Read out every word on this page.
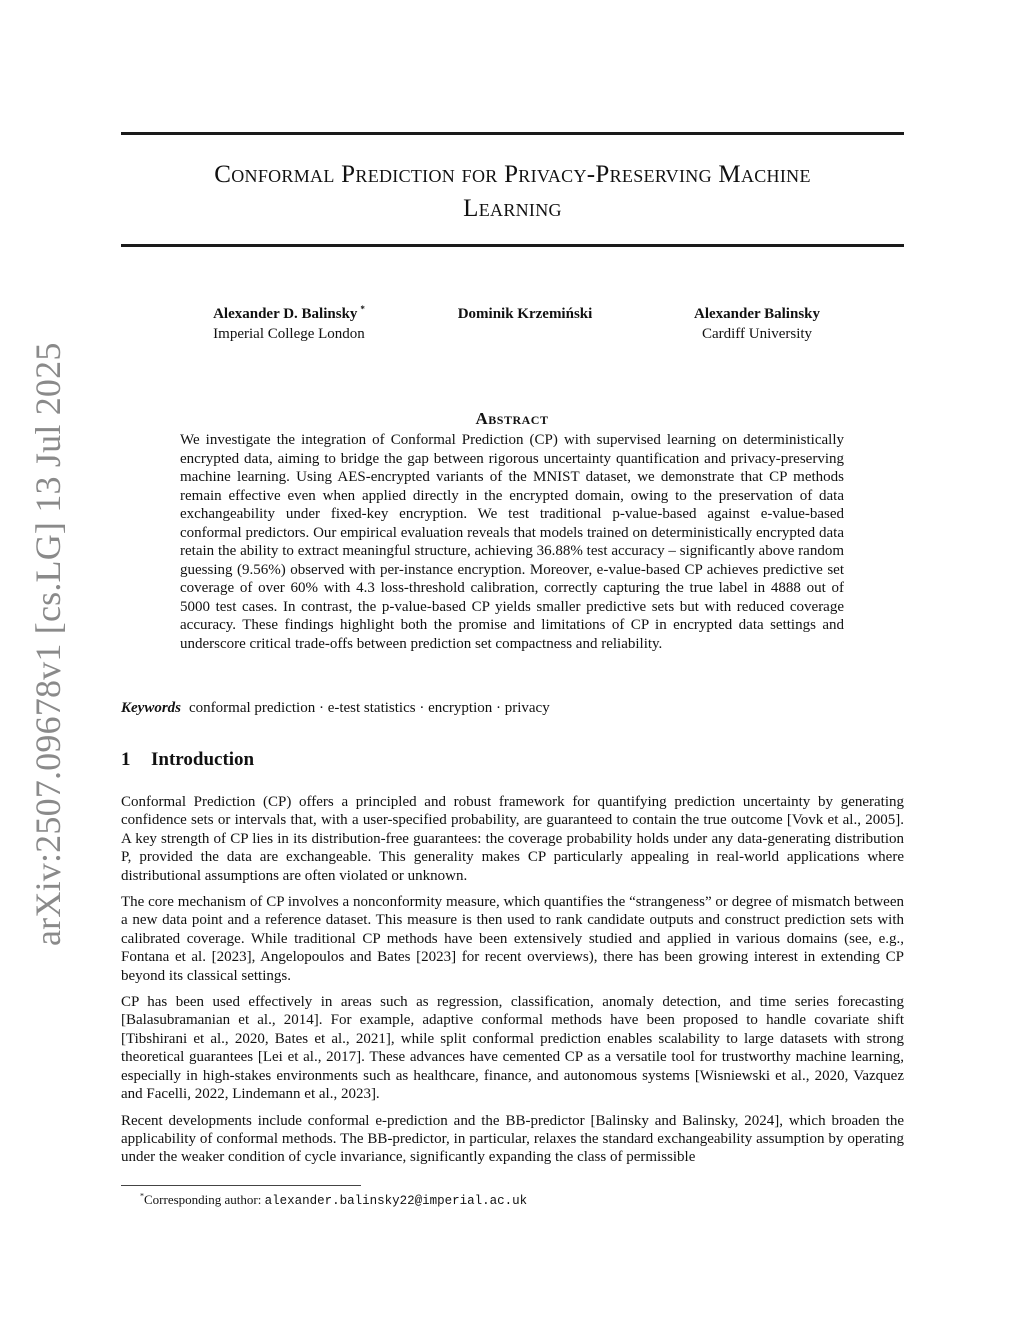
Conformal Prediction for Privacy-Preserving Machine
Learning
Alexander D. Balinsky *
Imperial College London
Dominik Krzemiński	Alexander Balinsky
Cardiff University
arXiv:2507.09678v1 [cs.LG] 13 Jul 2025	Abstract
We investigate the integration of Conformal Prediction (CP) with supervised learning on deterministically encrypted data, aiming to bridge the gap between rigorous uncertainty quantification and privacy-preserving machine learning. Using AES-encrypted variants of the MNIST dataset, we demonstrate that CP methods remain effective even when applied directly in the encrypted domain, owing to the preservation of data exchangeability under fixed-key encryption. We test traditional p-value-based against e-value-based conformal predictors. Our empirical evaluation reveals that models trained on deterministically encrypted data retain the ability to extract meaningful structure, achieving 36.88% test accuracy – significantly above random guessing (9.56%) observed with per-instance encryption. Moreover, e-value-based CP achieves predictive set coverage of over 60% with 4.3 loss-threshold calibration, correctly capturing the true label in 4888 out of 5000 test cases. In contrast, the p-value-based CP yields smaller predictive sets but with reduced coverage accuracy. These findings highlight both the promise and limitations of CP in encrypted data settings and underscore critical trade-offs between prediction set compactness and reliability.
Keywords conformal prediction · e-test statistics · encryption · privacy
1 Introduction

Conformal Prediction (CP) offers a principled and robust framework for quantifying prediction uncertainty by generating confidence sets or intervals that, with a user-specified probability, are guaranteed to contain the true outcome [Vovk et al., 2005]. A key strength of CP lies in its distribution-free guarantees: the coverage probability holds under any data-generating distribution P, provided the data are exchangeable. This generality makes CP particularly appealing in real-world applications where distributional assumptions are often violated or unknown.

The core mechanism of CP involves a nonconformity measure, which quantifies the “strangeness” or degree of mismatch between a new data point and a reference dataset. This measure is then used to rank candidate outputs and construct prediction sets with calibrated coverage. While traditional CP methods have been extensively studied and applied in various domains (see, e.g., Fontana et al. [2023], Angelopoulos and Bates [2023] for recent overviews), there has been growing interest in extending CP beyond its classical settings.

CP has been used effectively in areas such as regression, classification, anomaly detection, and time series forecasting [Balasubramanian et al., 2014]. For example, adaptive conformal methods have been proposed to handle covariate shift [Tibshirani et al., 2020, Bates et al., 2021], while split conformal prediction enables scalability to large datasets with strong theoretical guarantees [Lei et al., 2017]. These advances have cemented CP as a versatile tool for trustworthy machine learning, especially in high-stakes environments such as healthcare, finance, and autonomous systems [Wisniewski et al., 2020, Vazquez and Facelli, 2022, Lindemann et al., 2023].

Recent developments include conformal e-prediction and the BB-predictor [Balinsky and Balinsky, 2024], which broaden the applicability of conformal methods. The BB-predictor, in particular, relaxes the standard exchangeability assumption by operating under the weaker condition of cycle invariance, significantly expanding the class of permissible

*Corresponding author: alexander.balinsky22@imperial.ac.uk
